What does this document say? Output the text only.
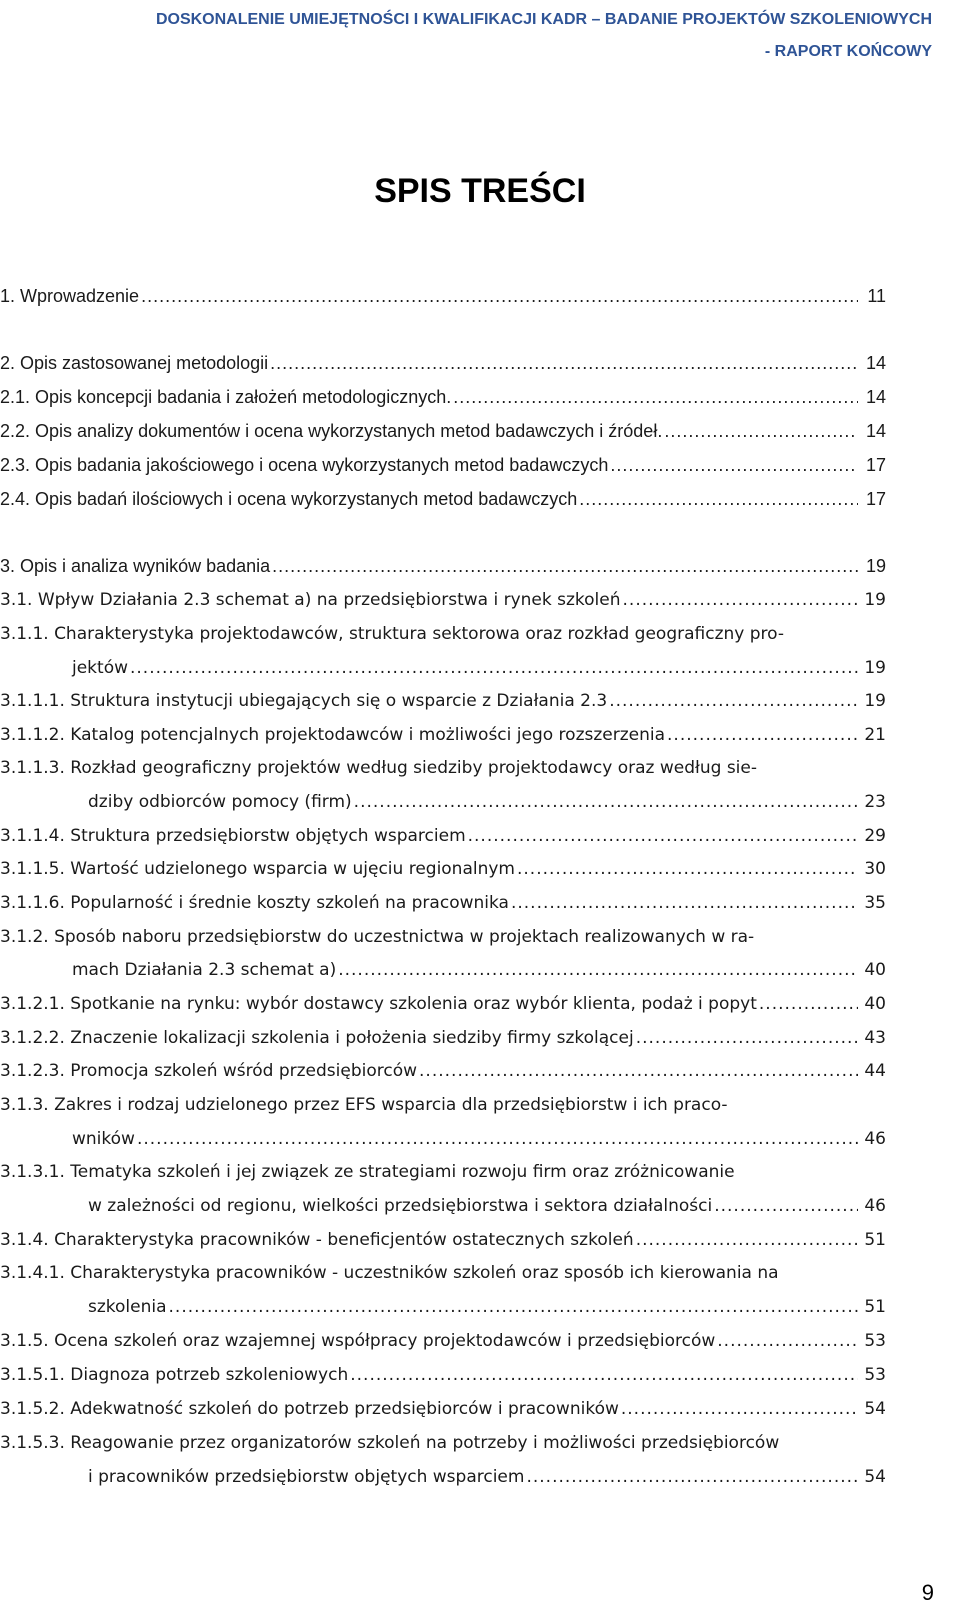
DOSKONALENIE UMIEJĘTNOŚCI I KWALIFIKACJI KADR – BADANIE PROJEKTÓW SZKOLENIOWYCH
- RAPORT KOŃCOWY
SPIS TREŚCI
1. Wprowadzenie .....	11
2. Opis zastosowanej metodologii .....	14
2.1. Opis koncepcji badania i założeń metodologicznych. .....	14
2.2. Opis analizy dokumentów i ocena wykorzystanych metod badawczych i źródeł. .....	14
2.3. Opis badania jakościowego i ocena wykorzystanych metod badawczych .....	17
2.4. Opis badań ilościowych i ocena wykorzystanych metod badawczych .....	17
3. Opis i analiza wyników badania .....	19
3.1. Wpływ Działania 2.3 schemat a) na przedsiębiorstwa i rynek szkoleń .....	19
3.1.1. Charakterystyka projektodawców, struktura sektorowa oraz rozkład geograficzny pro-
jektów .....	19
3.1.1.1. Struktura instytucji ubiegających się o wsparcie z Działania 2.3 .....	19
3.1.1.2. Katalog potencjalnych projektodawców i możliwości jego rozszerzenia .....	21
3.1.1.3. Rozkład geograficzny projektów według siedziby projektodawcy oraz według sie-
dziby odbiorców pomocy (firm) .....	23
3.1.1.4. Struktura przedsiębiorstw objętych wsparciem .....	29
3.1.1.5. Wartość udzielonego wsparcia w ujęciu regionalnym .....	30
3.1.1.6. Popularność i średnie koszty szkoleń na pracownika .....	35
3.1.2. Sposób naboru przedsiębiorstw do uczestnictwa w projektach realizowanych w ra-
mach Działania 2.3 schemat a) .....	40
3.1.2.1. Spotkanie na rynku: wybór dostawcy szkolenia oraz wybór klienta, podaż i popyt .....	40
3.1.2.2. Znaczenie lokalizacji szkolenia i położenia siedziby firmy szkolącej .....	43
3.1.2.3. Promocja szkoleń wśród przedsiębiorców .....	44
3.1.3. Zakres i rodzaj udzielonego przez EFS wsparcia dla przedsiębiorstw i ich praco-
wników .....	46
3.1.3.1. Tematyka szkoleń i jej związek ze strategiami rozwoju firm oraz zróżnicowanie
w zależności od regionu, wielkości przedsiębiorstwa i sektora działalności .....	46
3.1.4. Charakterystyka pracowników - beneficjentów ostatecznych szkoleń .....	51
3.1.4.1. Charakterystyka pracowników - uczestników szkoleń oraz sposób ich kierowania na
szkolenia .....	51
3.1.5. Ocena szkoleń oraz wzajemnej współpracy projektodawców i przedsiębiorców .....	53
3.1.5.1. Diagnoza potrzeb szkoleniowych .....	53
3.1.5.2. Adekwatność szkoleń do potrzeb przedsiębiorców i pracowników .....	54
3.1.5.3. Reagowanie przez organizatorów szkoleń na potrzeby i możliwości przedsiębiorców
i pracowników przedsiębiorstw objętych wsparciem .....	54
9
